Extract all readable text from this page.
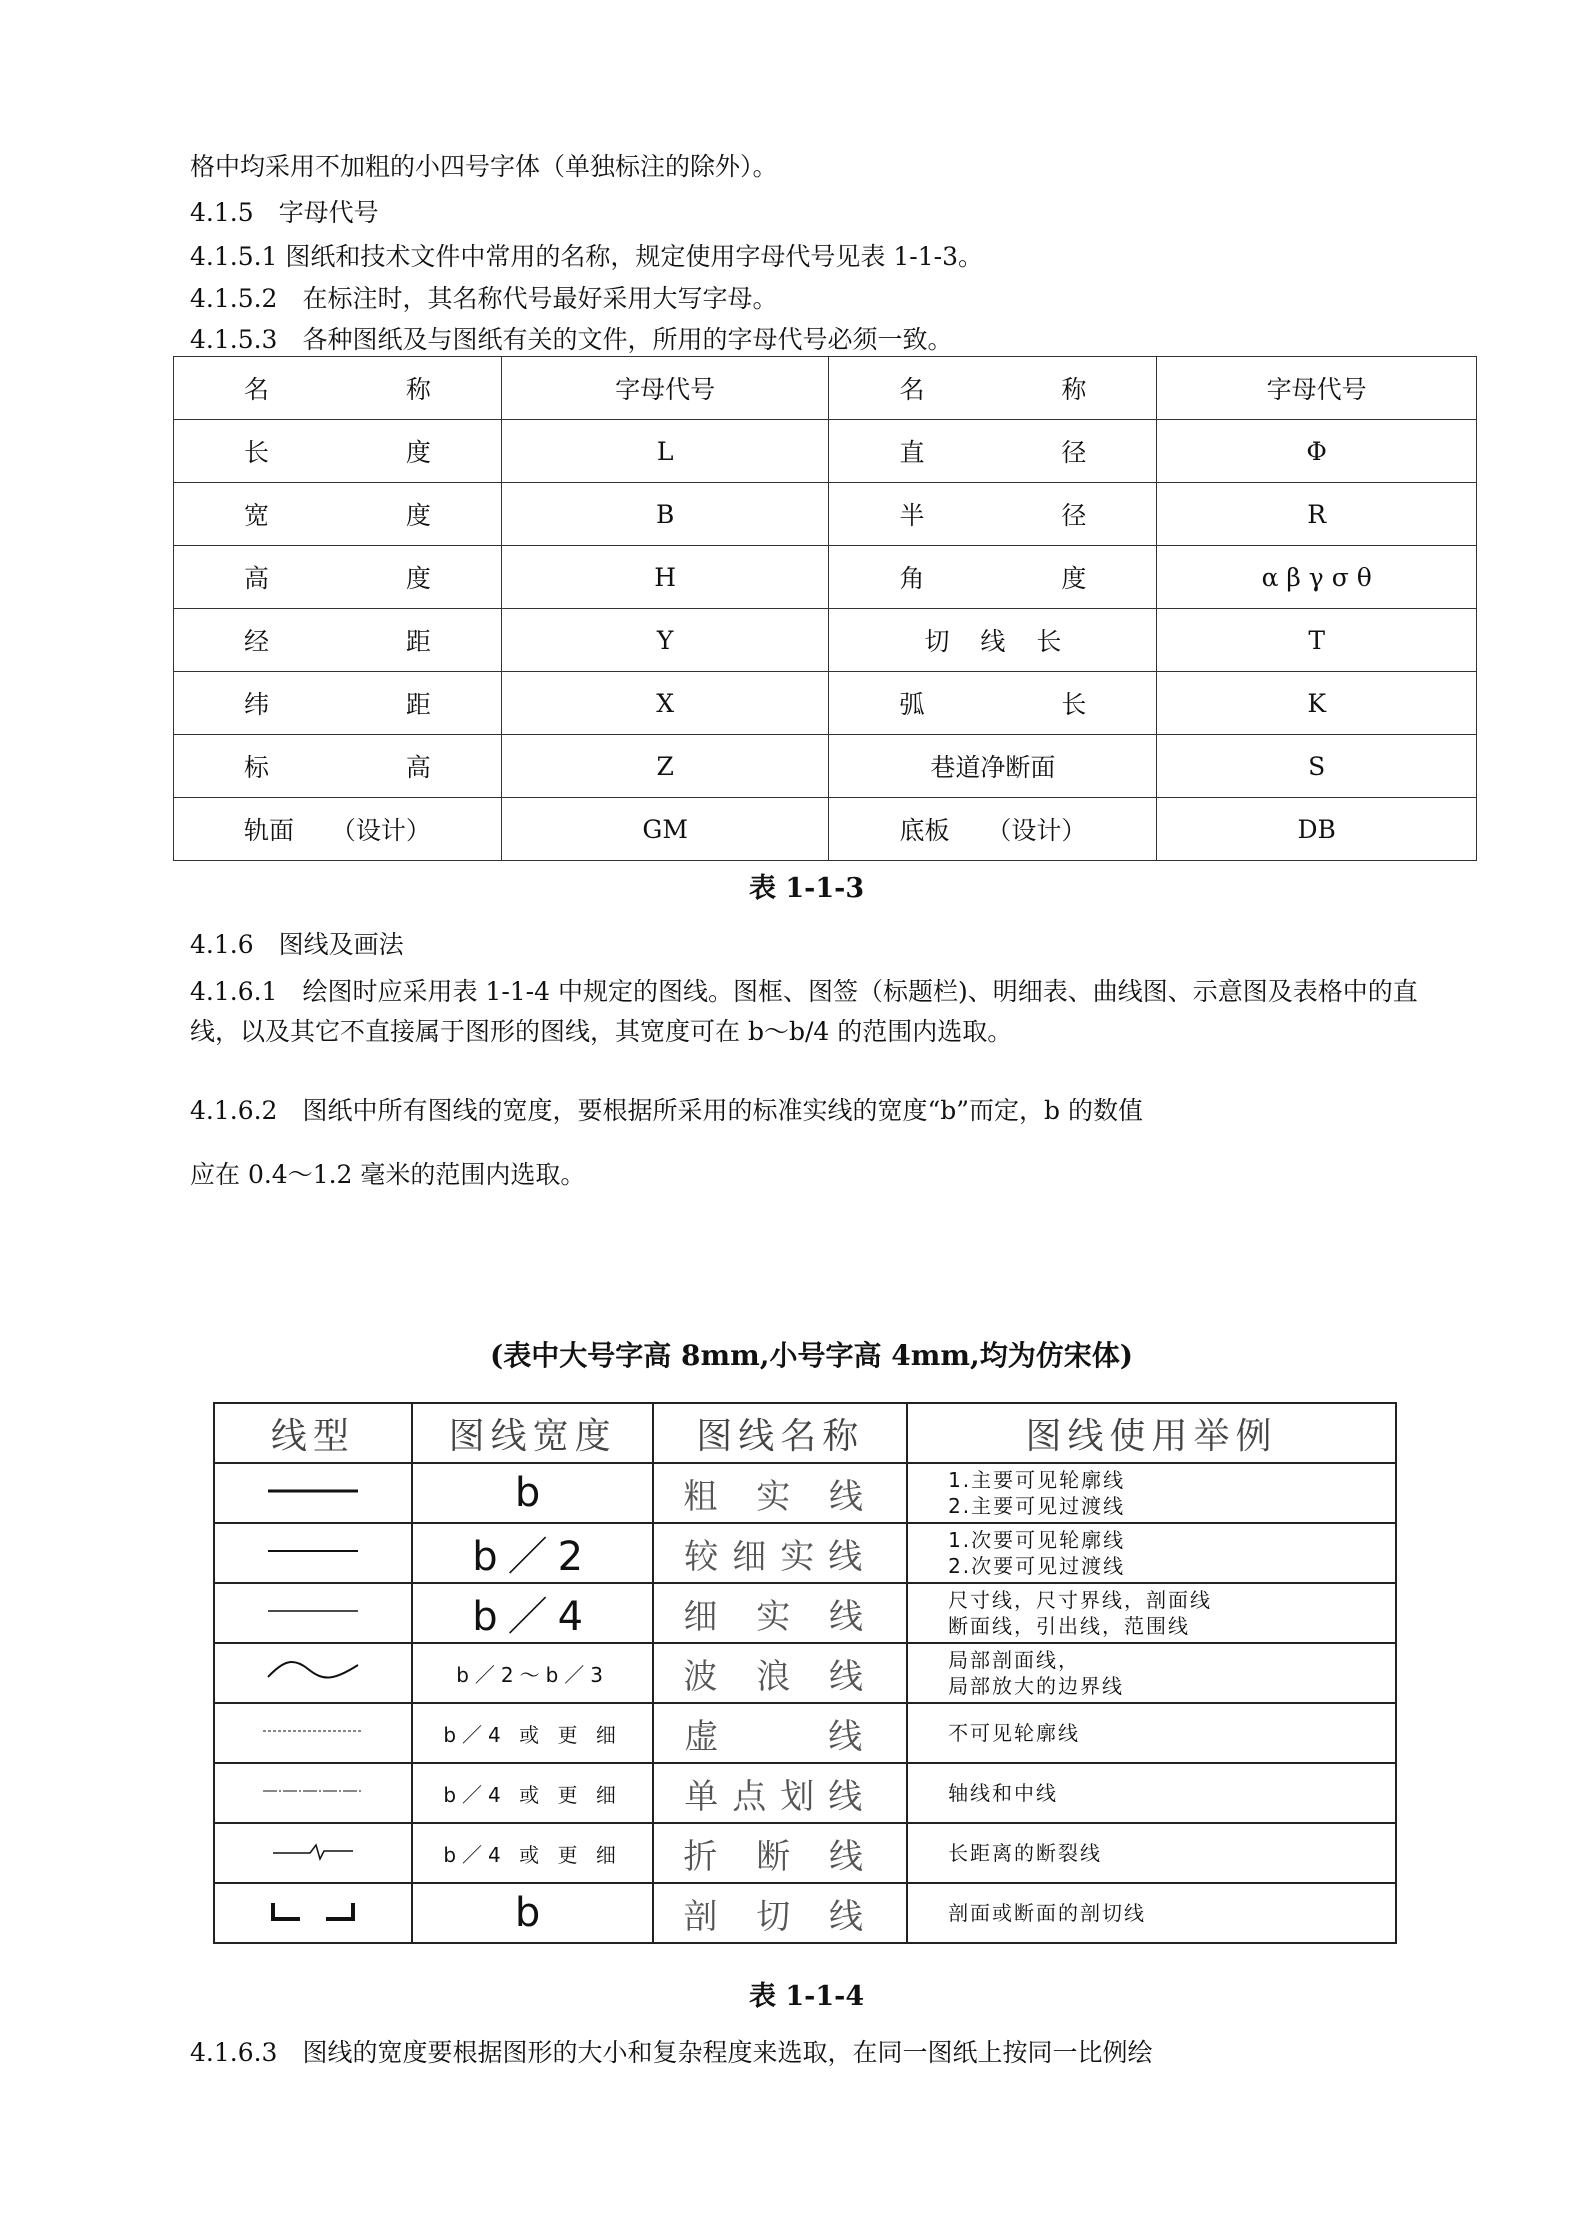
格中均采用不加粗的小四号字体（单独标注的除外）。
4.1.5　字母代号
4.1.5.1 图纸和技术文件中常用的名称，规定使用字母代号见表 1-1-3。
4.1.5.2　在标注时，其名称代号最好采用大写字母。
4.1.5.3　各种图纸及与图纸有关的文件，所用的字母代号必须一致。
名 称	字母代号	名 称	字母代号

长 度	L	直 径	Φ

宽 度	B	半 径	R

高 度	H	角 度	α β γ σ θ

经 距	Y	切 线 长	T

纬 距	X	弧 长	K

标 高	Z	巷道净断面	S

轨面 （设计）	GM	底板 （设计）	DB
表 1-1-3
4.1.6　图线及画法
4.1.6.1　绘图时应采用表 1-1-4 中规定的图线。图框、图签（标题栏)、明细表、曲线图、示意图及表格中的直线，以及其它不直接属于图形的图线，其宽度可在 b～b/4 的范围内选取。
4.1.6.2　图纸中所有图线的宽度，要根据所采用的标准实线的宽度“b”而定，b 的数值
应在 0.4～1.2 毫米的范围内选取。
(表中大号字高 8mm,小号字高 4mm,均为仿宋体)
线型	图线宽度	图线名称	图线使用举例
	b	粗 实 线	1.主要可见轮廓线
2.主要可见过渡线

	b／2	较细实线	1.次要可见轮廓线
2.次要可见过渡线

	b／4	细 实 线	尺寸线，尺寸界线，剖面线
断面线，引出线，范围线

	b／2～b／3	波 浪 线	局部剖面线，
局部放大的边界线

	b／4 或 更 细	虚　　线	不可见轮廓线

	b／4 或 更 细	单点划线	轴线和中线

	b／4 或 更 细	折 断 线	长距离的断裂线

	b	剖 切 线	剖面或断面的剖切线
表 1-1-4
4.1.6.3　图线的宽度要根据图形的大小和复杂程度来选取，在同一图纸上按同一比例绘
